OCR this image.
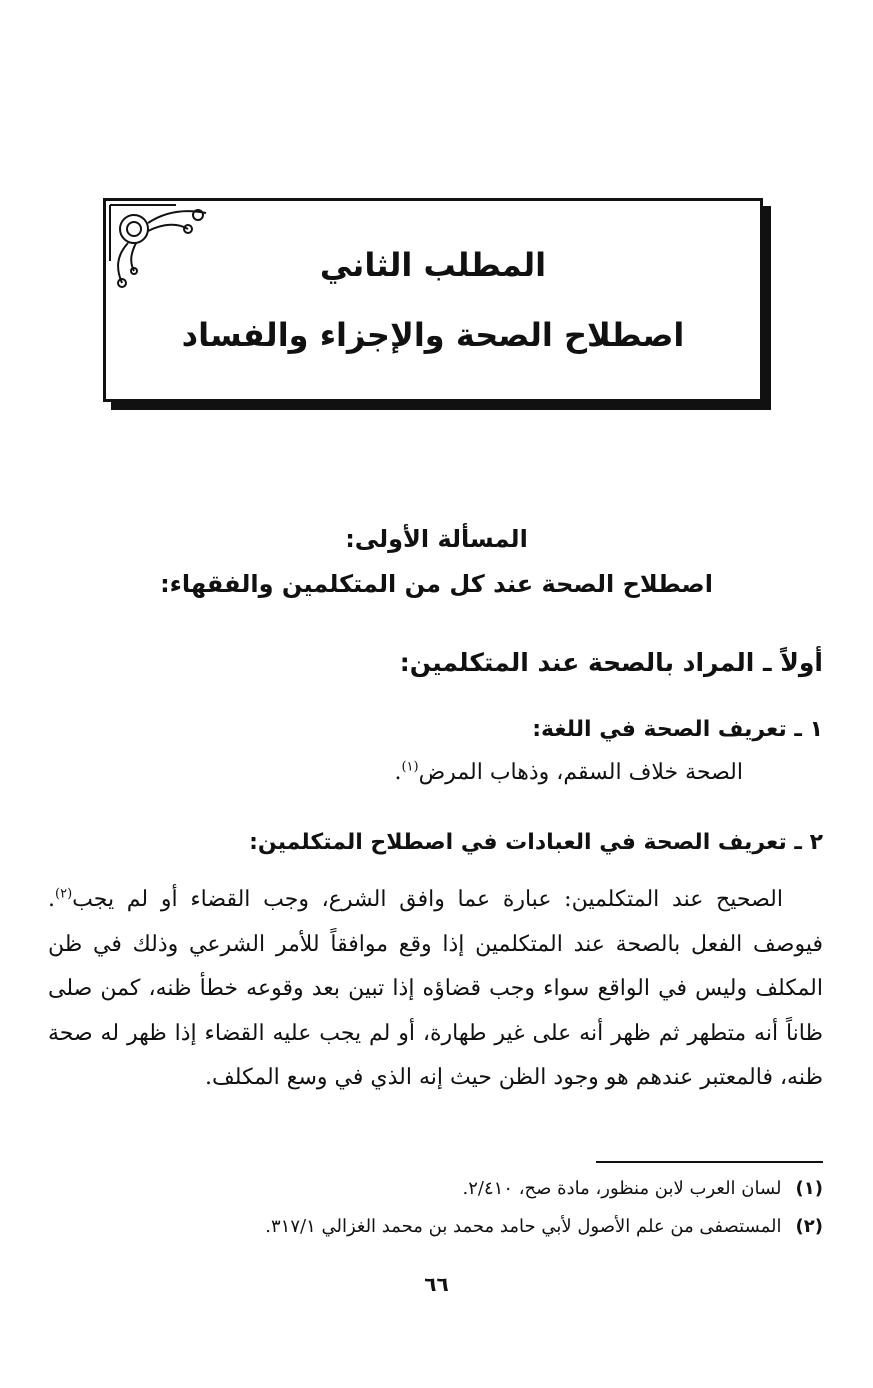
المطلب الثاني
اصطلاح الصحة والإجزاء والفساد
المسألة الأولى:
اصطلاح الصحة عند كل من المتكلمين والفقهاء:
أولاً ـ المراد بالصحة عند المتكلمين:
١ ـ تعريف الصحة في اللغة:
الصحة خلاف السقم، وذهاب المرض$^{(١)}$.
٢ ـ تعريف الصحة في العبادات في اصطلاح المتكلمين:
الصحيح عند المتكلمين: عبارة عما وافق الشرع، وجب القضاء أو لم يجب$^{(٢)}$. فيوصف الفعل بالصحة عند المتكلمين إذا وقع موافقاً للأمر الشرعي وذلك في ظن المكلف وليس في الواقع سواء وجب قضاؤه إذا تبين بعد وقوعه خطأ ظنه، كمن صلى ظاناً أنه متطهر ثم ظهر أنه على غير طهارة، أو لم يجب عليه القضاء إذا ظهر له صحة ظنه، فالمعتبر عندهم هو وجود الظن حيث إنه الذي في وسع المكلف.
(١)لسان العرب لابن منظور، مادة صح، ٢/٤١٠.
(٢)المستصفى من علم الأصول لأبي حامد محمد بن محمد الغزالي ٣١٧/١.
٦٦
